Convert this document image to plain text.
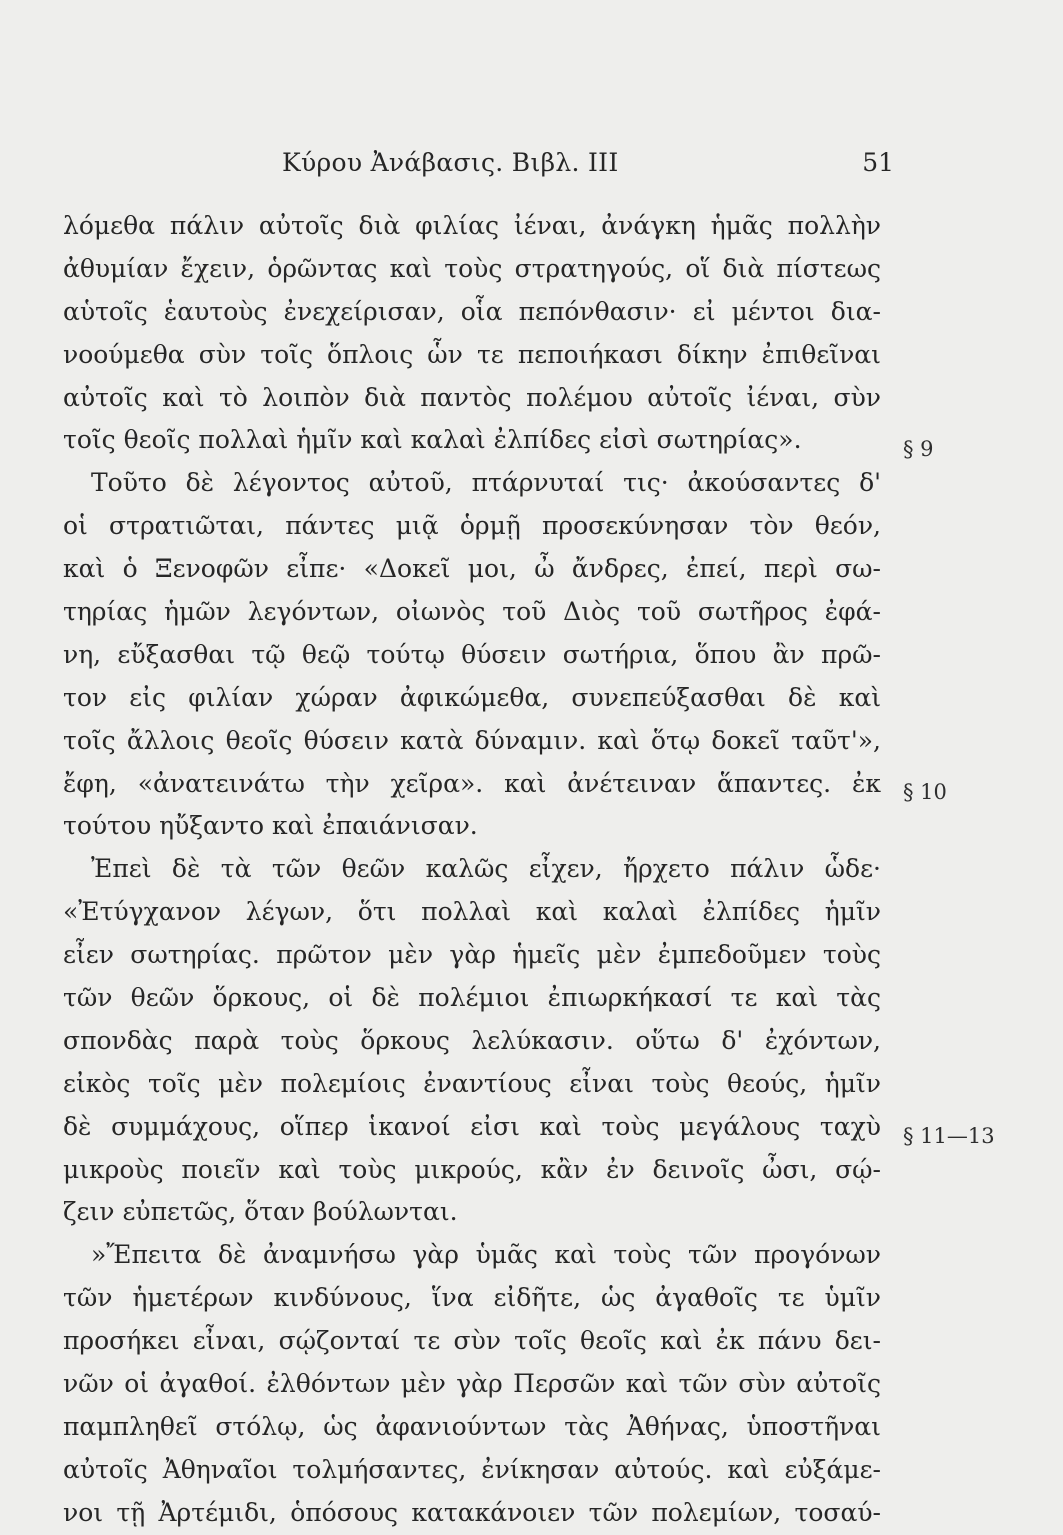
Κύρου Ἀνάβασις. Βιβλ. III	51
λόμεθα πάλιν αὐτοῖς διὰ φιλίας ἰέναι, ἀνάγκη ἡμᾶς πολλὴν
ἀθυμίαν ἔχειν, ὁρῶντας καὶ τοὺς στρατηγούς, οἵ διὰ πίστεως
αὑτοῖς ἑαυτοὺς ἐνεχείρισαν, οἷα πεπόνθασιν· εἰ μέντοι δια-
νοούμεθα σὺν τοῖς ὅπλοις ὧν τε πεποιήκασι δίκην ἐπιθεῖναι
αὐτοῖς καὶ τὸ λοιπὸν διὰ παντὸς πολέμου αὐτοῖς ἰέναι, σὺν
τοῖς θεοῖς πολλαὶ ἡμῖν καὶ καλαὶ ἐλπίδες εἰσὶ σωτηρίας».
Τοῦτο δὲ λέγοντος αὐτοῦ, πτάρνυταί τις· ἀκούσαντες δ'
οἱ στρατιῶται, πάντες μιᾷ ὁρμῇ προσεκύνησαν τὸν θεόν,
καὶ ὁ Ξενοφῶν εἶπε· «Δοκεῖ μοι, ὦ ἄνδρες, ἐπεί, περὶ σω-
τηρίας ἡμῶν λεγόντων, οἰωνὸς τοῦ Διὸς τοῦ σωτῆρος ἐφά-
νη, εὔξασθαι τῷ θεῷ τούτῳ θύσειν σωτήρια, ὅπου ἂν πρῶ-
τον εἰς φιλίαν χώραν ἀφικώμεθα, συνεπεύξασθαι δὲ καὶ
τοῖς ἄλλοις θεοῖς θύσειν κατὰ δύναμιν. καὶ ὅτῳ δοκεῖ ταῦτ'»,
ἔφη, «ἀνατεινάτω τὴν χεῖρα». καὶ ἀνέτειναν ἅπαντες. ἐκ
τούτου ηὔξαντο καὶ ἐπαιάνισαν.
Ἐπεὶ δὲ τὰ τῶν θεῶν καλῶς εἶχεν, ἤρχετο πάλιν ὧδε·
«Ἐτύγχανον λέγων, ὅτι πολλαὶ καὶ καλαὶ ἐλπίδες ἡμῖν
εἶεν σωτηρίας. πρῶτον μὲν γὰρ ἡμεῖς μὲν ἐμπεδοῦμεν τοὺς
τῶν θεῶν ὅρκους, οἱ δὲ πολέμιοι ἐπιωρκήκασί τε καὶ τὰς
σπονδὰς παρὰ τοὺς ὅρκους λελύκασιν. οὕτω δ' ἐχόντων,
εἰκὸς τοῖς μὲν πολεμίοις ἐναντίους εἶναι τοὺς θεούς, ἡμῖν
δὲ συμμάχους, οἵπερ ἱκανοί εἰσι καὶ τοὺς μεγάλους ταχὺ
μικροὺς ποιεῖν καὶ τοὺς μικρούς, κἂν ἐν δεινοῖς ὦσι, σῴ-
ζειν εὐπετῶς, ὅταν βούλωνται.
»Ἔπειτα δὲ ἀναμνήσω γὰρ ὑμᾶς καὶ τοὺς τῶν προγόνων
τῶν ἡμετέρων κινδύνους, ἵνα εἰδῆτε, ὡς ἀγαθοῖς τε ὑμῖν
προσήκει εἶναι, σῴζονταί τε σὺν τοῖς θεοῖς καὶ ἐκ πάνυ δει-
νῶν οἱ ἀγαθοί. ἐλθόντων μὲν γὰρ Περσῶν καὶ τῶν σὺν αὐτοῖς
παμπληθεῖ στόλῳ, ὡς ἀφανιούντων τὰς Ἀθήνας, ὑποστῆναι
αὐτοῖς Ἀθηναῖοι τολμήσαντες, ἐνίκησαν αὐτούς. καὶ εὐξάμε-
νοι τῇ Ἀρτέμιδι, ὁπόσους κατακάνοιεν τῶν πολεμίων, τοσαύ-
§ 9
§ 10
§ 11—13
